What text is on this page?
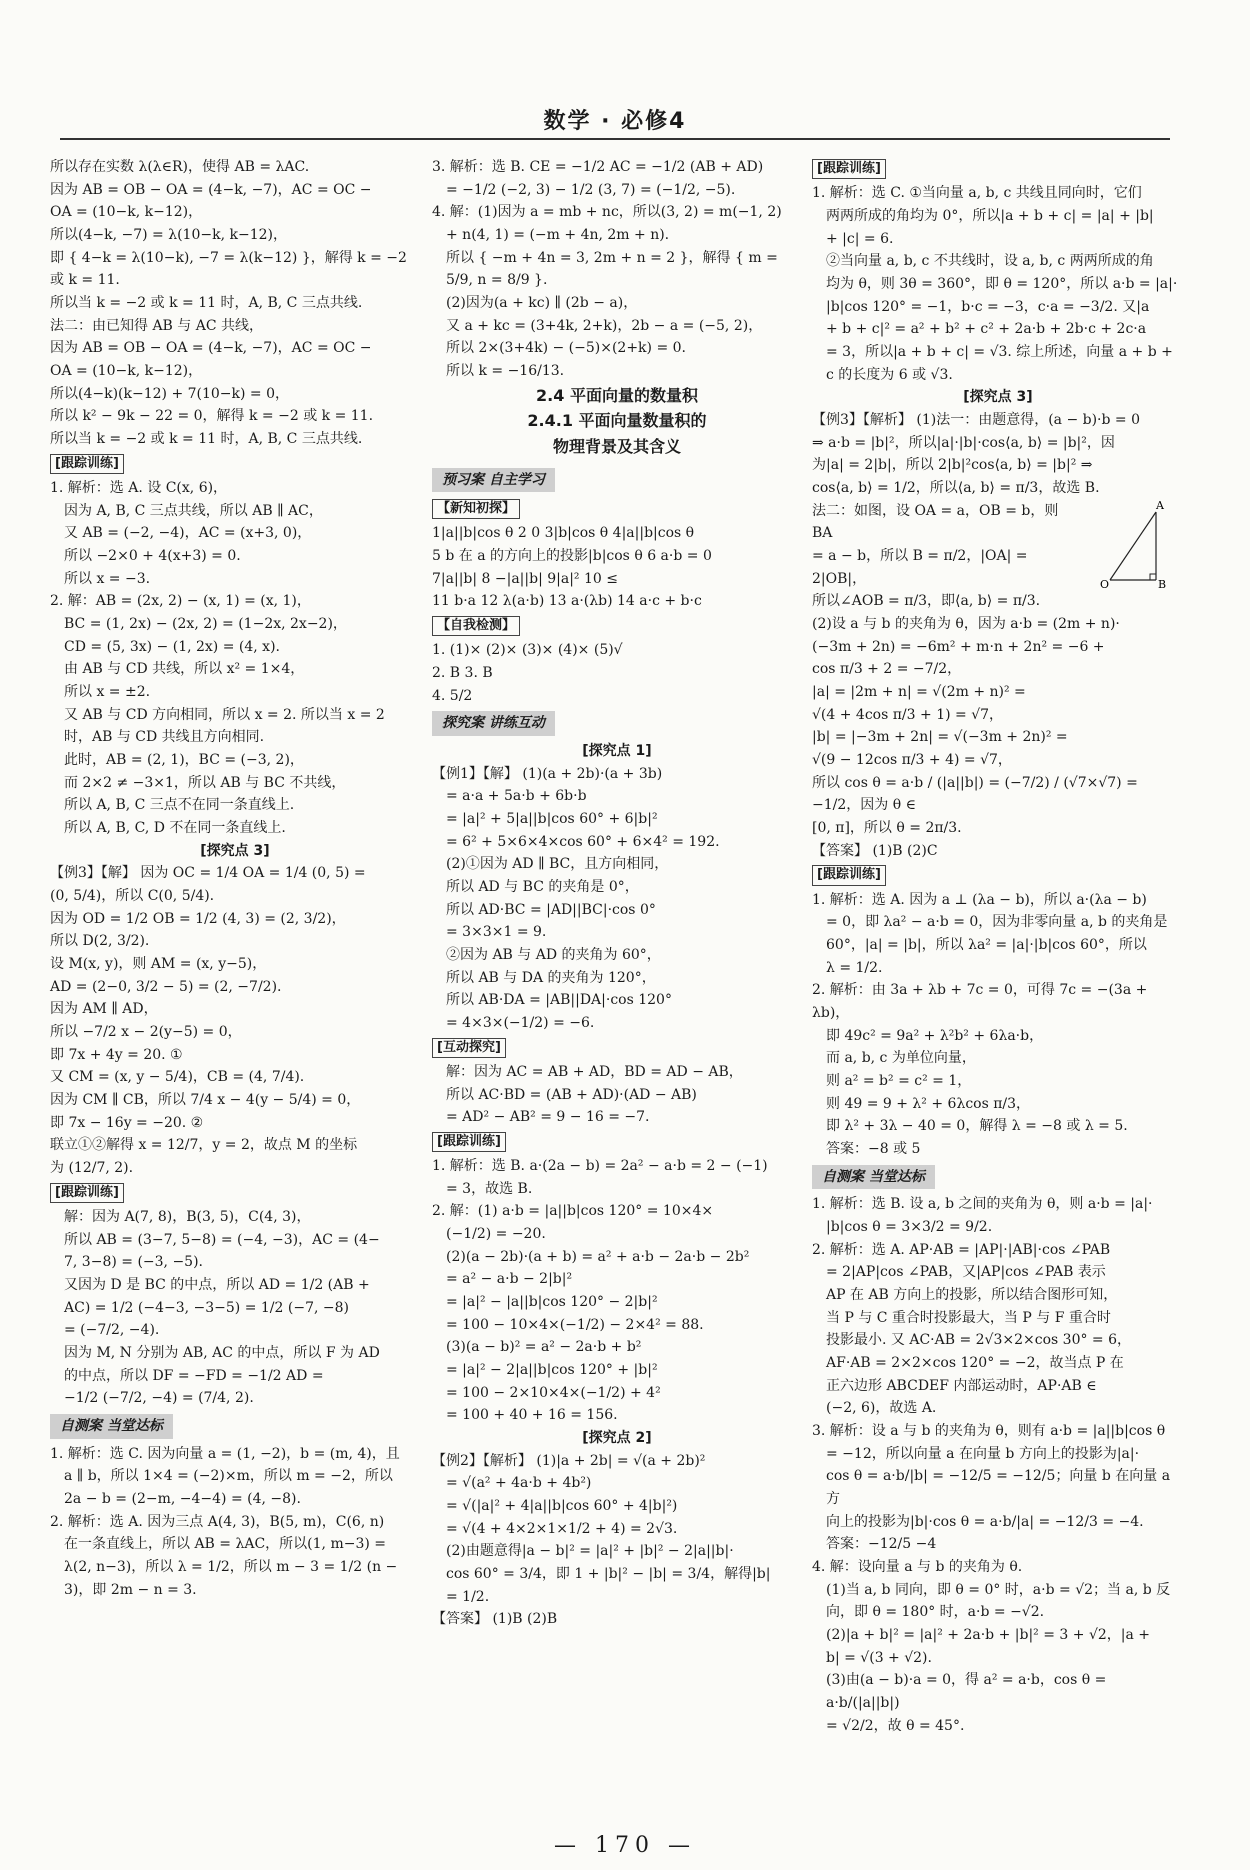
数学 · 必修4

所以存在实数 λ(λ∈R)，使得 AB = λAC.

因为 AB = OB − OA = (4−k, −7)，AC = OC −

OA = (10−k, k−12)，

所以(4−k, −7) = λ(10−k, k−12)，

即 { 4−k = λ(10−k), −7 = λ(k−12) }，解得 k = −2 或 k = 11.

所以当 k = −2 或 k = 11 时，A, B, C 三点共线.

法二：由已知得 AB 与 AC 共线，

因为 AB = OB − OA = (4−k, −7)，AC = OC −

OA = (10−k, k−12)，

所以(4−k)(k−12) + 7(10−k) = 0，

所以 k² − 9k − 22 = 0，解得 k = −2 或 k = 11.

所以当 k = −2 或 k = 11 时，A, B, C 三点共线.

[跟踪训练]

1. 解析：选 A. 设 C(x, 6)，

因为 A, B, C 三点共线，所以 AB ∥ AC，

又 AB = (−2, −4)，AC = (x+3, 0)，

所以 −2×0 + 4(x+3) = 0.

所以 x = −3.

2. 解：AB = (2x, 2) − (x, 1) = (x, 1)，

BC = (1, 2x) − (2x, 2) = (1−2x, 2x−2)，

CD = (5, 3x) − (1, 2x) = (4, x).

由 AB 与 CD 共线，所以 x² = 1×4，

所以 x = ±2.

又 AB 与 CD 方向相同，所以 x = 2. 所以当 x = 2

时，AB 与 CD 共线且方向相同.

此时，AB = (2, 1)，BC = (−3, 2)，

而 2×2 ≠ −3×1，所以 AB 与 BC 不共线，

所以 A, B, C 三点不在同一条直线上.

所以 A, B, C, D 不在同一条直线上.

[探究点 3]

【例3】【解】 因为 OC = 1/4 OA = 1/4 (0, 5) =

(0, 5/4)，所以 C(0, 5/4).

因为 OD = 1/2 OB = 1/2 (4, 3) = (2, 3/2)，

所以 D(2, 3/2).

设 M(x, y)，则 AM = (x, y−5)，

AD = (2−0, 3/2 − 5) = (2, −7/2).

因为 AM ∥ AD，

所以 −7/2 x − 2(y−5) = 0，

即 7x + 4y = 20. ①

又 CM = (x, y − 5/4)，CB = (4, 7/4).

因为 CM ∥ CB，所以 7/4 x − 4(y − 5/4) = 0，

即 7x − 16y = −20. ②

联立①②解得 x = 12/7，y = 2，故点 M 的坐标

为 (12/7, 2).

[跟踪训练]

解：因为 A(7, 8)，B(3, 5)，C(4, 3)，

所以 AB = (3−7, 5−8) = (−4, −3)，AC = (4−

7, 3−8) = (−3, −5).

又因为 D 是 BC 的中点，所以 AD = 1/2 (AB +

AC) = 1/2 (−4−3, −3−5) = 1/2 (−7, −8)

= (−7/2, −4).

因为 M, N 分别为 AB, AC 的中点，所以 F 为 AD

的中点，所以 DF = −FD = −1/2 AD =

−1/2 (−7/2, −4) = (7/4, 2).

自测案 当堂达标

1. 解析：选 C. 因为向量 a = (1, −2)，b = (m, 4)，且

a ∥ b，所以 1×4 = (−2)×m，所以 m = −2，所以

2a − b = (2−m, −4−4) = (4, −8).

2. 解析：选 A. 因为三点 A(4, 3)，B(5, m)，C(6, n)

在一条直线上，所以 AB = λAC，所以(1, m−3) =

λ(2, n−3)，所以 λ = 1/2，所以 m − 3 = 1/2 (n −

3)，即 2m − n = 3.

3. 解析：选 B. CE = −1/2 AC = −1/2 (AB + AD)

= −1/2 (−2, 3) − 1/2 (3, 7) = (−1/2, −5).

4. 解：(1)因为 a = mb + nc，所以(3, 2) = m(−1, 2)

+ n(4, 1) = (−m + 4n, 2m + n).

所以 { −m + 4n = 3, 2m + n = 2 }，解得 { m = 5/9, n = 8/9 }.

(2)因为(a + kc) ∥ (2b − a)，

又 a + kc = (3+4k, 2+k)，2b − a = (−5, 2)，

所以 2×(3+4k) − (−5)×(2+k) = 0.

所以 k = −16/13.

2.4 平面向量的数量积

2.4.1 平面向量数量积的

物理背景及其含义

预习案 自主学习

【新知初探】

1|a||b|cos θ 2 0 3|b|cos θ 4|a||b|cos θ

5 b 在 a 的方向上的投影|b|cos θ 6 a·b = 0

7|a||b| 8 −|a||b| 9|a|² 10 ≤

11 b·a 12 λ(a·b) 13 a·(λb) 14 a·c + b·c

【自我检测】

1. (1)× (2)× (3)× (4)× (5)√

2. B 3. B

4. 5/2

探究案 讲练互动

[探究点 1]

【例1】【解】 (1)(a + 2b)·(a + 3b)

= a·a + 5a·b + 6b·b

= |a|² + 5|a||b|cos 60° + 6|b|²

= 6² + 5×6×4×cos 60° + 6×4² = 192.

(2)①因为 AD ∥ BC，且方向相同，

所以 AD 与 BC 的夹角是 0°，

所以 AD·BC = |AD||BC|·cos 0°

= 3×3×1 = 9.

②因为 AB 与 AD 的夹角为 60°，

所以 AB 与 DA 的夹角为 120°，

所以 AB·DA = |AB||DA|·cos 120°

= 4×3×(−1/2) = −6.

[互动探究]

解：因为 AC = AB + AD，BD = AD − AB，

所以 AC·BD = (AB + AD)·(AD − AB)

= AD² − AB² = 9 − 16 = −7.

[跟踪训练]

1. 解析：选 B. a·(2a − b) = 2a² − a·b = 2 − (−1)

= 3，故选 B.

2. 解：(1) a·b = |a||b|cos 120° = 10×4×

(−1/2) = −20.

(2)(a − 2b)·(a + b) = a² + a·b − 2a·b − 2b²

= a² − a·b − 2|b|²

= |a|² − |a||b|cos 120° − 2|b|²

= 100 − 10×4×(−1/2) − 2×4² = 88.

(3)(a − b)² = a² − 2a·b + b²

= |a|² − 2|a||b|cos 120° + |b|²

= 100 − 2×10×4×(−1/2) + 4²

= 100 + 40 + 16 = 156.

[探究点 2]

【例2】【解析】 (1)|a + 2b| = √(a + 2b)²

= √(a² + 4a·b + 4b²)

= √(|a|² + 4|a||b|cos 60° + 4|b|²)

= √(4 + 4×2×1×1/2 + 4) = 2√3.

(2)由题意得|a − b|² = |a|² + |b|² − 2|a||b|·

cos 60° = 3/4，即 1 + |b|² − |b| = 3/4，解得|b|

= 1/2.

【答案】 (1)B (2)B

[跟踪训练]

1. 解析：选 C. ①当向量 a, b, c 共线且同向时，它们

两两所成的角均为 0°，所以|a + b + c| = |a| + |b|

+ |c| = 6.

②当向量 a, b, c 不共线时，设 a, b, c 两两所成的角

均为 θ，则 3θ = 360°，即 θ = 120°，所以 a·b = |a|·

|b|cos 120° = −1，b·c = −3，c·a = −3/2. 又|a

+ b + c|² = a² + b² + c² + 2a·b + 2b·c + 2c·a

= 3，所以|a + b + c| = √3. 综上所述，向量 a + b +

c 的长度为 6 或 √3.

[探究点 3]

【例3】【解析】 (1)法一：由题意得，(a − b)·b = 0

⇒ a·b = |b|²，所以|a|·|b|·cos⟨a, b⟩ = |b|²，因

为|a| = 2|b|，所以 2|b|²cos⟨a, b⟩ = |b|² ⇒

cos⟨a, b⟩ = 1/2，所以⟨a, b⟩ = π/3，故选 B.

法二：如图，设 OA = a，OB = b，则 BA

= a − b，所以 B = π/2，|OA| = 2|OB|，

所以∠AOB = π/3，即⟨a, b⟩ = π/3.

(2)设 a 与 b 的夹角为 θ，因为 a·b = (2m + n)·

(−3m + 2n) = −6m² + m·n + 2n² = −6 +

cos π/3 + 2 = −7/2，

|a| = |2m + n| = √(2m + n)² =

√(4 + 4cos π/3 + 1) = √7，

|b| = |−3m + 2n| = √(−3m + 2n)² =

√(9 − 12cos π/3 + 4) = √7，

所以 cos θ = a·b / (|a||b|) = (−7/2) / (√7×√7) = −1/2，因为 θ ∈

[0, π]，所以 θ = 2π/3.

【答案】 (1)B (2)C

[跟踪训练]

1. 解析：选 A. 因为 a ⊥ (λa − b)，所以 a·(λa − b)

= 0，即 λa² − a·b = 0，因为非零向量 a, b 的夹角是

60°，|a| = |b|，所以 λa² = |a|·|b|cos 60°，所以

λ = 1/2.

2. 解析：由 3a + λb + 7c = 0，可得 7c = −(3a + λb)，

即 49c² = 9a² + λ²b² + 6λa·b，

而 a, b, c 为单位向量，

则 a² = b² = c² = 1，

则 49 = 9 + λ² + 6λcos π/3，

即 λ² + 3λ − 40 = 0，解得 λ = −8 或 λ = 5.

答案：−8 或 5

自测案 当堂达标

1. 解析：选 B. 设 a, b 之间的夹角为 θ，则 a·b = |a|·

|b|cos θ = 3×3/2 = 9/2.

2. 解析：选 A. AP·AB = |AP|·|AB|·cos ∠PAB

= 2|AP|cos ∠PAB，又|AP|cos ∠PAB 表示

AP 在 AB 方向上的投影，所以结合图形可知，

当 P 与 C 重合时投影最大，当 P 与 F 重合时

投影最小. 又 AC·AB = 2√3×2×cos 30° = 6，

AF·AB = 2×2×cos 120° = −2，故当点 P 在

正六边形 ABCDEF 内部运动时，AP·AB ∈

(−2, 6)，故选 A.

3. 解析：设 a 与 b 的夹角为 θ，则有 a·b = |a||b|cos θ

= −12，所以向量 a 在向量 b 方向上的投影为|a|·

cos θ = a·b/|b| = −12/5 = −12/5；向量 b 在向量 a 方

向上的投影为|b|·cos θ = a·b/|a| = −12/3 = −4.

答案：−12/5 −4

4. 解：设向量 a 与 b 的夹角为 θ.

(1)当 a, b 同向，即 θ = 0° 时，a·b = √2；当 a, b 反

向，即 θ = 180° 时，a·b = −√2.

(2)|a + b|² = |a|² + 2a·b + |b|² = 3 + √2，|a +

b| = √(3 + √2).

(3)由(a − b)·a = 0，得 a² = a·b，cos θ = a·b/(|a||b|)

= √2/2，故 θ = 45°.

A
O	B
— 170 —
